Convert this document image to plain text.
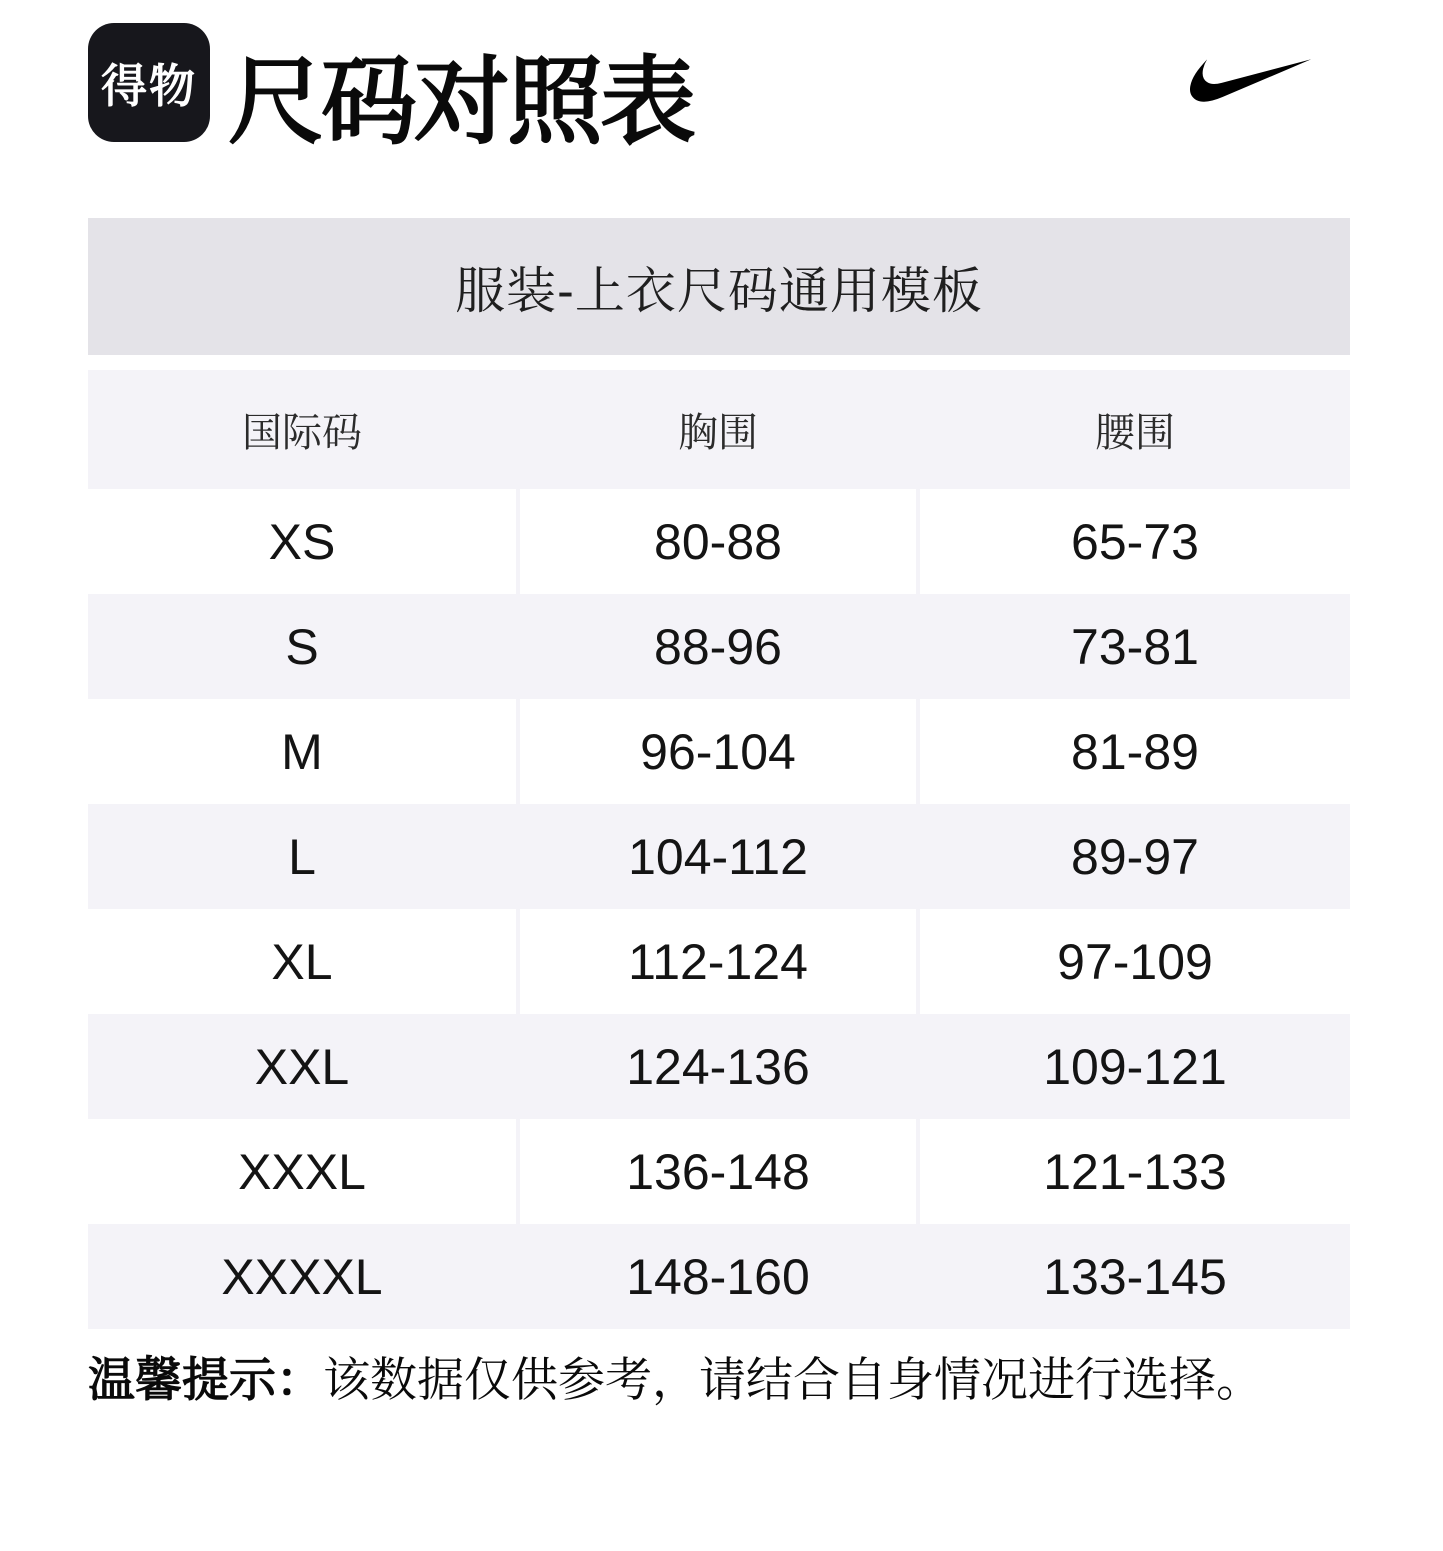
得物 尺码对照表
服装-上衣尺码通用模板
国际码	胸围	腰围
XS	80-88	65-73
S	88-96	73-81
M	96-104	81-89
L	104-112	89-97
XL	112-124	97-109
XXL	124-136	109-121
XXXL	136-148	121-133
XXXXL	148-160	133-145
温馨提示：该数据仅供参考，请结合自身情况进行选择。
